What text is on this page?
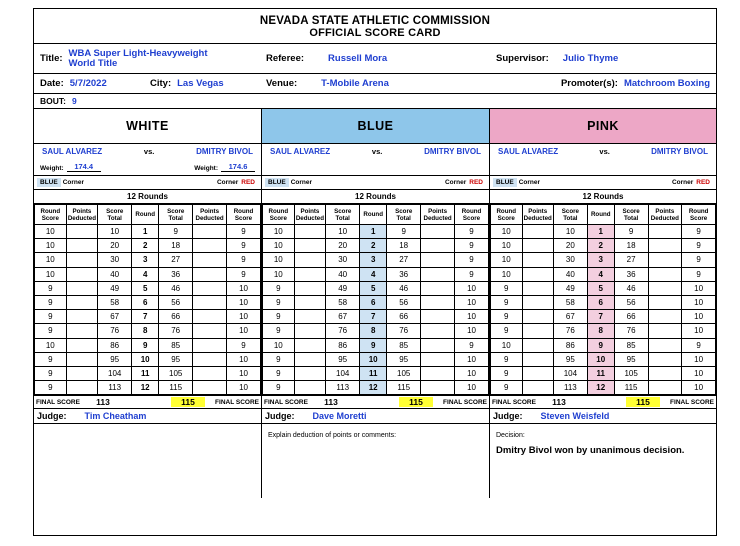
NEVADA STATE ATHLETIC COMMISSION
OFFICIAL SCORE CARD
Title: WBA Super Light-Heavyweight World Title	Referee:	Russell Mora	Supervisor: Julio Thyme
Date: 5/7/2022	City: Las Vegas	Venue:	T-Mobile Arena	Promoter(s): Matchroom Boxing
BOUT: 9
WHITE
SAUL ALVAREZ	vs.	DMITRY BIVOL
Weight:	174.4	Weight:	174.6
BLUE Corner	Corner RED
12 Rounds
Round Score	Points Deducted	Score Total	Round	Score Total	Points Deducted	Round Score
10		10	1	9		9
10		20	2	18		9
10		30	3	27		9
10		40	4	36		9
9		49	5	46		10
9		58	6	56		10
9		67	7	66		10
9		76	8	76		10
10		86	9	85		9
9		95	10	95		10
9		104	11	105		10
9		113	12	115		10
FINAL SCORE	113	115	FINAL SCORE
Judge: Tim Cheatham
BLUE
SAUL ALVAREZ	vs.	DMITRY BIVOL
BLUE Corner	Corner RED
12 Rounds
Round Score	Points Deducted	Score Total	Round	Score Total	Points Deducted	Round Score
10		10	1	9		9
10		20	2	18		9
10		30	3	27		9
10		40	4	36		9
9		49	5	46		10
9		58	6	56		10
9		67	7	66		10
9		76	8	76		10
10		86	9	85		9
9		95	10	95		10
9		104	11	105		10
9		113	12	115		10
FINAL SCORE	113	115	FINAL SCORE
Judge: Dave Moretti
Explain deduction of points or comments:
PINK
SAUL ALVAREZ	vs.	DMITRY BIVOL
BLUE Corner	Corner RED
12 Rounds
Round Score	Points Deducted	Score Total	Round	Score Total	Points Deducted	Round Score
10		10	1	9		9
10		20	2	18		9
10		30	3	27		9
10		40	4	36		9
9		49	5	46		10
9		58	6	56		10
9		67	7	66		10
9		76	8	76		10
10		86	9	85		9
9		95	10	95		10
9		104	11	105		10
9		113	12	115		10
FINAL SCORE	113	115	FINAL SCORE
Judge: Steven Weisfeld
Decision:
Dmitry Bivol won by unanimous decision.
